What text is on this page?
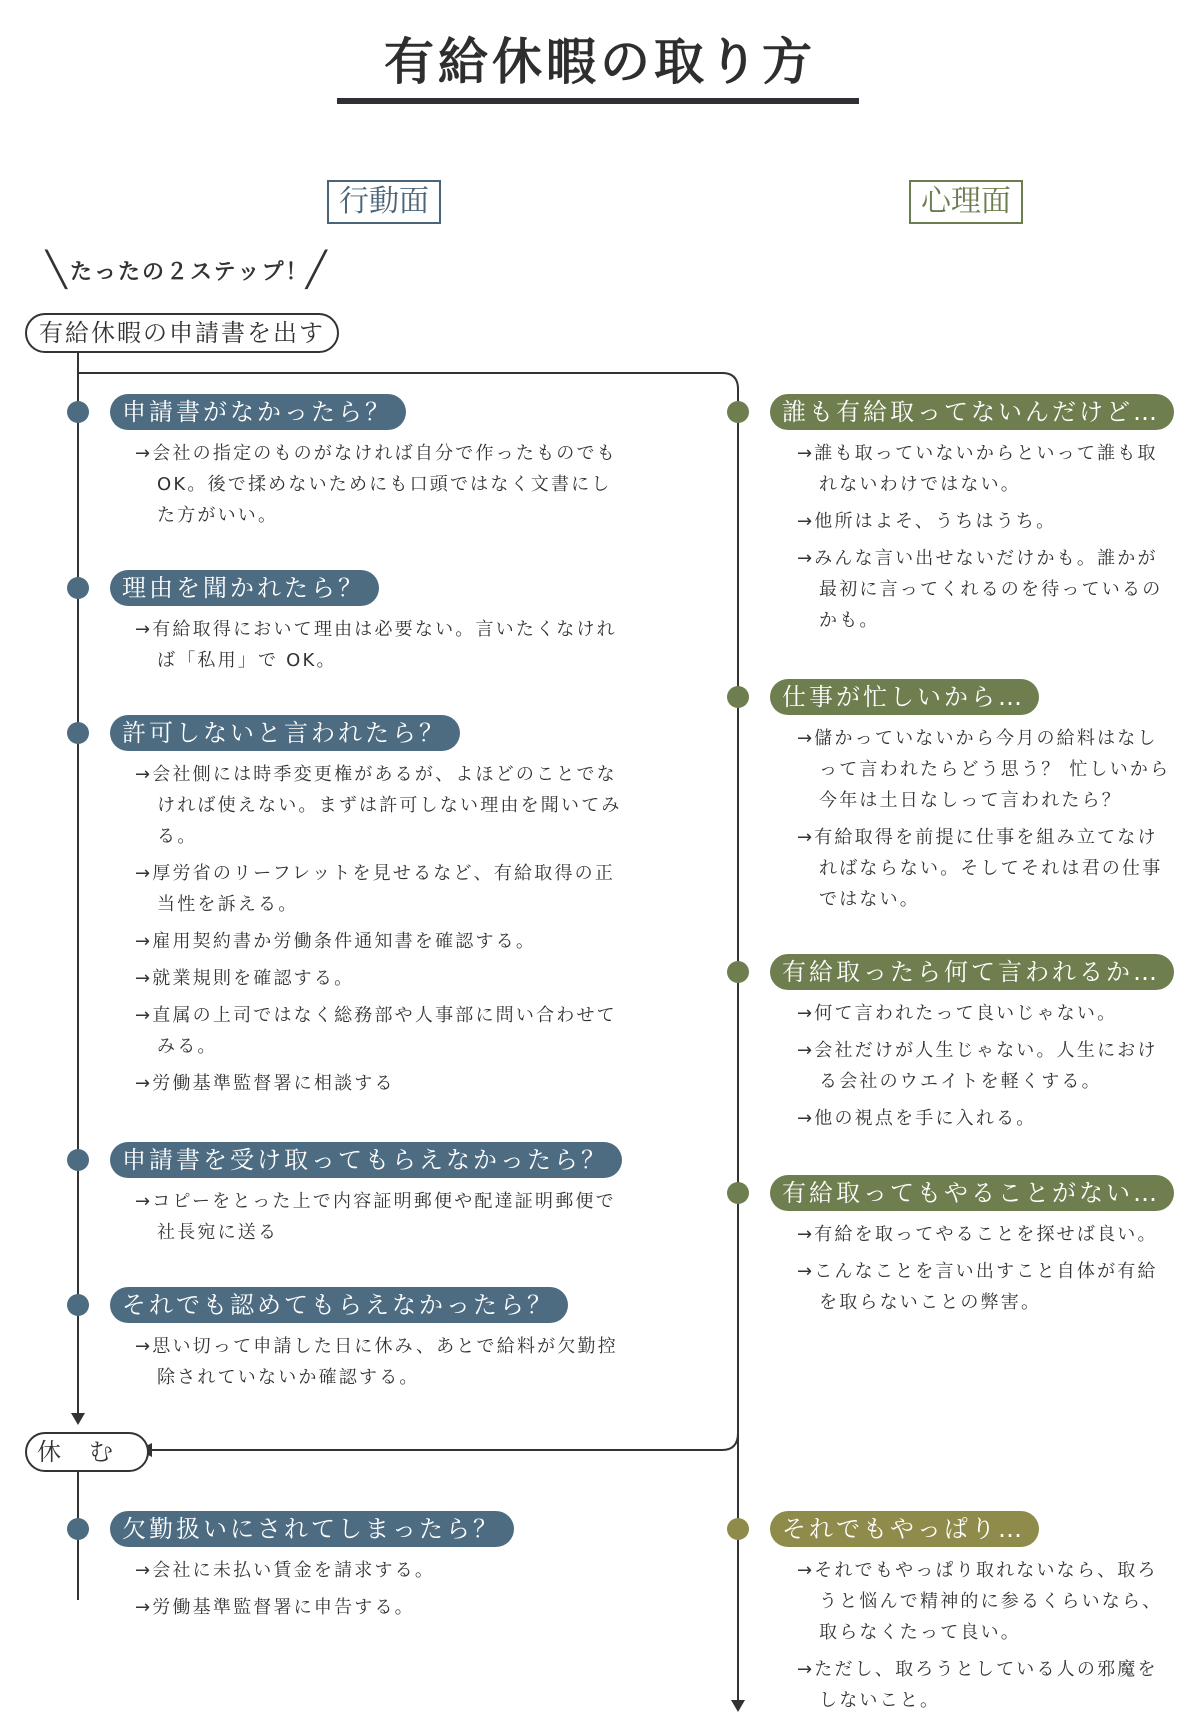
有給休暇の取り方
行動面	心理面
╲ たったの２ステップ！
╱
有給休暇の申請書を出す
申請書がなかったら？
→会社の指定のものがなければ自分で作ったものでも OK。後で揉めないためにも口頭ではなく文書にした方がいい。
理由を聞かれたら？
→有給取得において理由は必要ない。言いたくなければ「私用」で OK。
許可しないと言われたら？
→会社側には時季変更権があるが、よほどのことでなければ使えない。まずは許可しない理由を聞いてみる。
→厚労省のリーフレットを見せるなど、有給取得の正当性を訴える。
→雇用契約書か労働条件通知書を確認する。
→就業規則を確認する。
→直属の上司ではなく総務部や人事部に問い合わせてみる。
→労働基準監督署に相談する
申請書を受け取ってもらえなかったら？
→コピーをとった上で内容証明郵便や配達証明郵便で社長宛に送る
それでも認めてもらえなかったら？
→思い切って申請した日に休み、あとで給料が欠勤控除されていないか確認する。
休　む
欠勤扱いにされてしまったら？
→会社に未払い賃金を請求する。
→労働基準監督署に申告する。
誰も有給取ってないんだけど…
→誰も取っていないからといって誰も取れないわけではない。
→他所はよそ、うちはうち。
→みんな言い出せないだけかも。誰かが最初に言ってくれるのを待っているのかも。
仕事が忙しいから…
→儲かっていないから今月の給料はなしって言われたらどう思う？ 忙しいから今年は土日なしって言われたら？
→有給取得を前提に仕事を組み立てなければならない。そしてそれは君の仕事ではない。
有給取ったら何て言われるか…
→何て言われたって良いじゃない。
→会社だけが人生じゃない。人生における会社のウエイトを軽くする。
→他の視点を手に入れる。
有給取ってもやることがない…
→有給を取ってやることを探せば良い。
→こんなことを言い出すこと自体が有給を取らないことの弊害。
それでもやっぱり…
→それでもやっぱり取れないなら、取ろうと悩んで精神的に参るくらいなら、取らなくたって良い。
→ただし、取ろうとしている人の邪魔をしないこと。
